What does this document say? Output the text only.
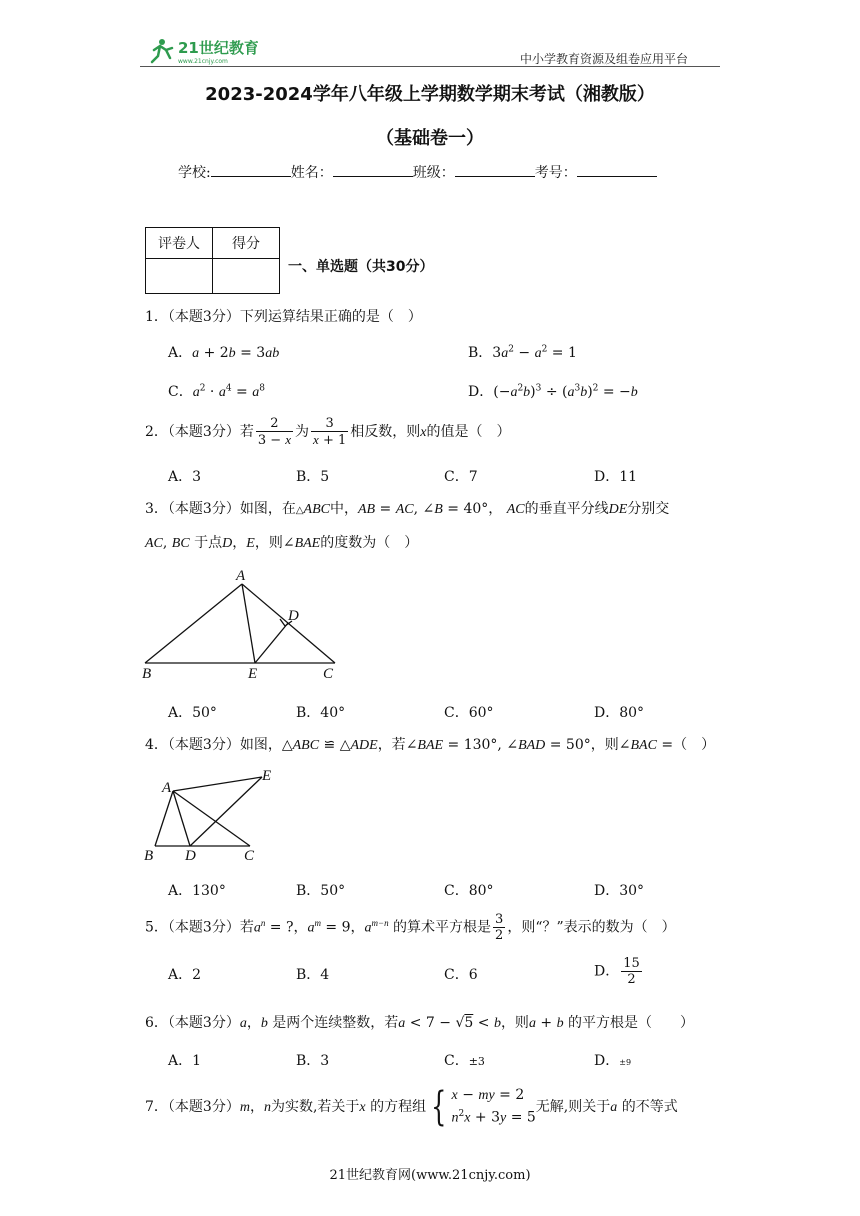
21世纪教育
www.21cnjy.com	中小学教育资源及组卷应用平台
2023-2024学年八年级上学期数学期末考试（湘教版）
（基础卷一）
学校:	姓名：	班级：	考号：
评卷人	得分

一、单选题（共30分）
1．（本题3分）下列运算结果正确的是（　）
A．a + 2b = 3ab	B．$3a^2 - a^2 = 1$
C．$a^2 \cdot a^4 = a^8$	D．$(-a^2b)^3 \div (a^3b)^2 = -b$
2．（本题3分）若 $\frac{2}{3 - x}$ 为 $\frac{3}{x + 1}$ 相反数，则x的值是（　）
A．3	B．5	C．7	D．11
3．（本题3分）如图，在△ABC中，AB = AC, ∠B = 40°， AC的垂直平分线DE分别交
AC, BC 于点D，E，则∠BAE的度数为（　）
A
D
B	E	C
A．50°	B．40°	C．60°	D．80°
4．（本题3分）如图，△ABC ≌ △ADE，若∠BAE = 130°, ∠BAD = 50°，则∠BAC =（　）
A
E
B D	C
A．130°	B．50°	C．80°	D．30°
5．（本题3分）若$a^n$ = ?，$a^m = 9$，$a^{m-n}$ 的算术平方根是 $\frac{3}{2}$ ，则“？”表示的数为（　）
A．2	B．4	C．6	D． $\frac{15}{2}$
6．（本题3分）a，b 是两个连续整数，若a < 7 − √5 < b，则a + b 的平方根是（　　）
A．1	B．3	C．±3	D．±9
7．（本题3分）m，n为实数,若关于x 的方程组 { x − my = 2
$n^2x + 3y = 5$无解,则关于a 的不等式
21世纪教育网(www.21cnjy.com)
